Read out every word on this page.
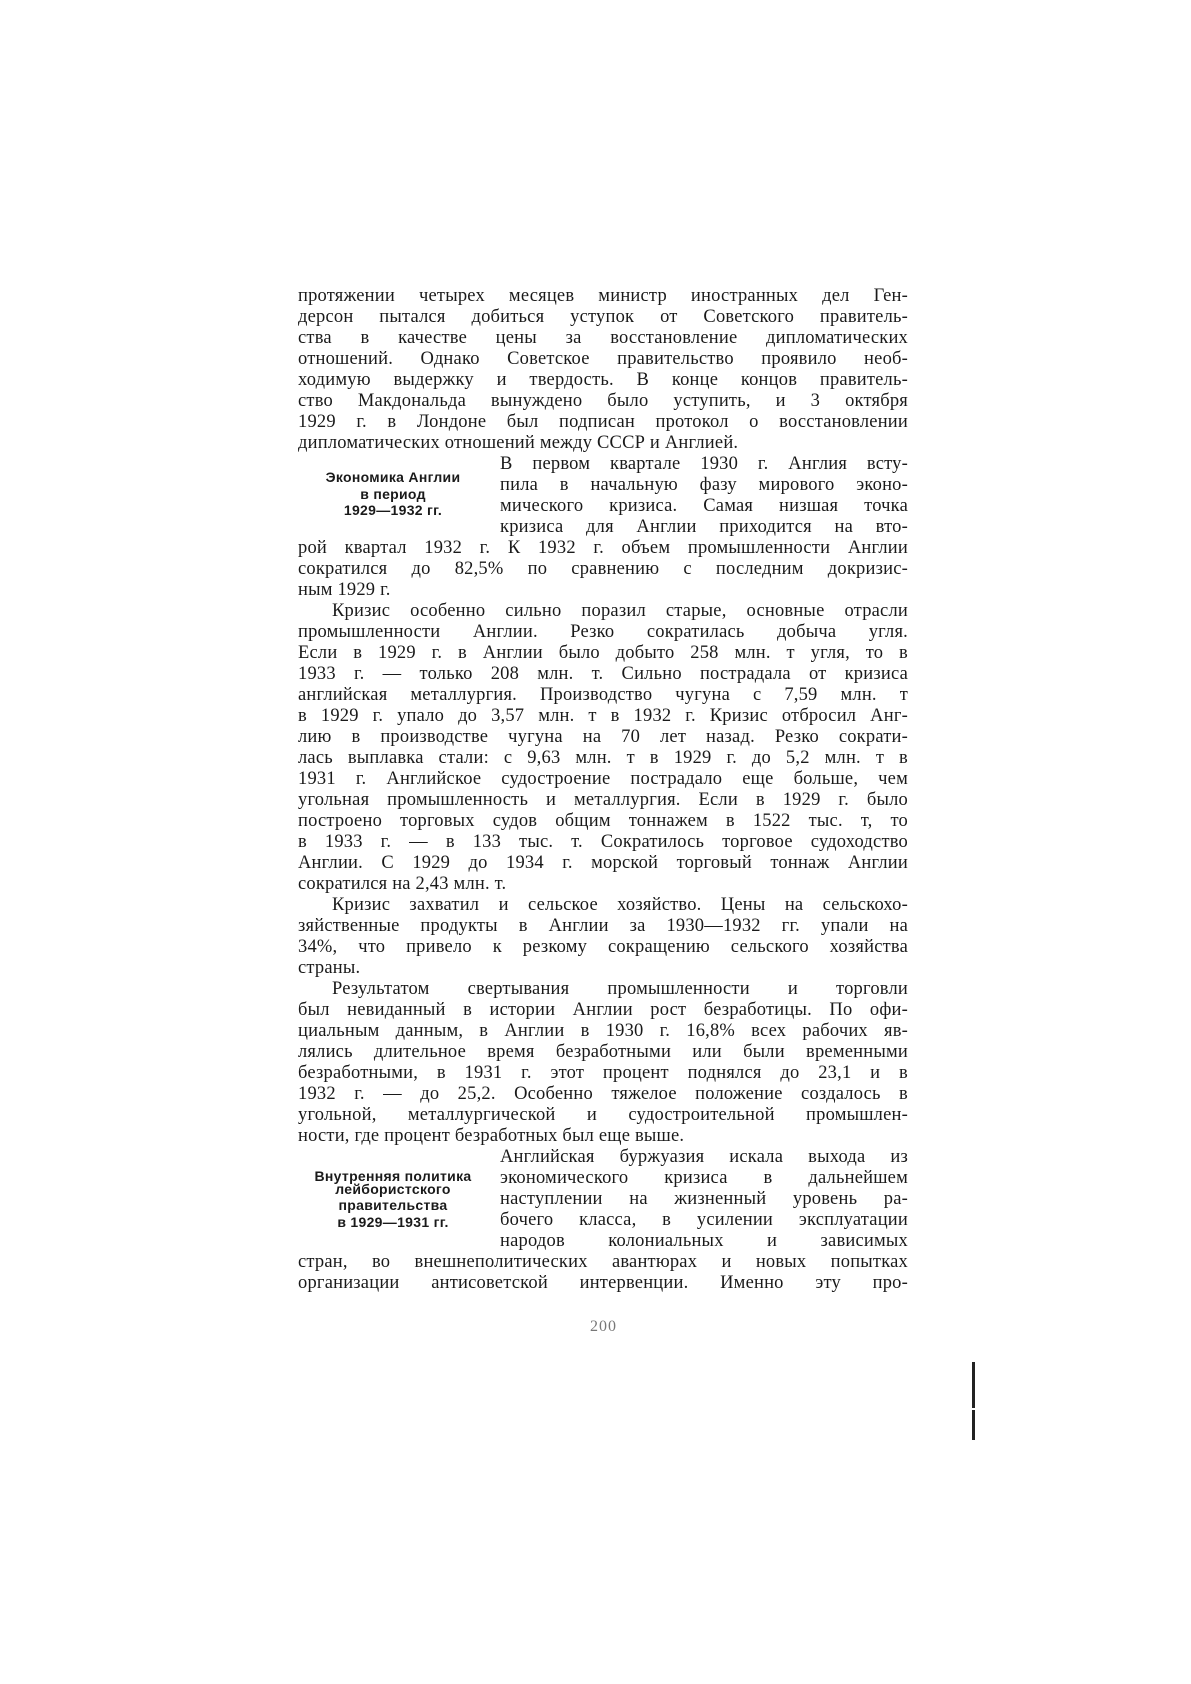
протяжении четырех месяцев министр иностранных дел Ген-
дерсон пытался добиться уступок от Советского правитель-
ства в качестве цены за восстановление дипломатических
отношений. Однако Советское правительство проявило необ-
ходимую выдержку и твердость. В конце концов правитель-
ство Макдональда вынуждено было уступить, и 3 октября
1929 г. в Лондоне был подписан протокол о восстановлении
дипломатических отношений между СССР и Англией.
В первом квартале 1930 г. Англия всту-
Экономика Англии	пила в начальную фазу мирового эконо-
в период
мического кризиса. Самая низшая точка
1929—1932 гг.
кризиса для Англии приходится на вто-
рой квартал 1932 г. К 1932 г. объем промышленности Англии
сократился до 82,5% по сравнению с последним докризис-
ным 1929 г.
Кризис особенно сильно поразил старые, основные отрасли
промышленности Англии. Резко сократилась добыча угля.
Если в 1929 г. в Англии было добыто 258 млн. т угля, то в
1933 г. — только 208 млн. т. Сильно пострадала от кризиса
английская металлургия. Производство чугуна с 7,59 млн. т
в 1929 г. упало до 3,57 млн. т в 1932 г. Кризис отбросил Анг-
лию в производстве чугуна на 70 лет назад. Резко сократи-
лась выплавка стали: с 9,63 млн. т в 1929 г. до 5,2 млн. т в
1931 г. Английское судостроение пострадало еще больше, чем
угольная промышленность и металлургия. Если в 1929 г. было
построено торговых судов общим тоннажем в 1522 тыс. т, то
в 1933 г. — в 133 тыс. т. Сократилось торговое судоходство
Англии. С 1929 до 1934 г. морской торговый тоннаж Англии
сократился на 2,43 млн. т.
Кризис захватил и сельское хозяйство. Цены на сельскохо-
зяйственные продукты в Англии за 1930—1932 гг. упали на
34%, что привело к резкому сокращению сельского хозяйства
страны.
Результатом свертывания промышленности и торговли
был невиданный в истории Англии рост безработицы. По офи-
циальным данным, в Англии в 1930 г. 16,8% всех рабочих яв-
лялись длительное время безработными или были временными
безработными, в 1931 г. этот процент поднялся до 23,1 и в
1932 г. — до 25,2. Особенно тяжелое положение создалось в
угольной, металлургической и судостроительной промышлен-
ности, где процент безработных был еще выше.
Английская буржуазия искала выхода из
Внутренняя политика	экономического кризиса в дальнейшем
лейбористского	наступлении на жизненный уровень ра-
правительства
в 1929—1931 гг.	бочего класса, в усилении эксплуатации
народов колониальных и зависимых
стран, во внешнеполитических авантюрах и новых попытках
организации антисоветской интервенции. Именно эту про-
200
